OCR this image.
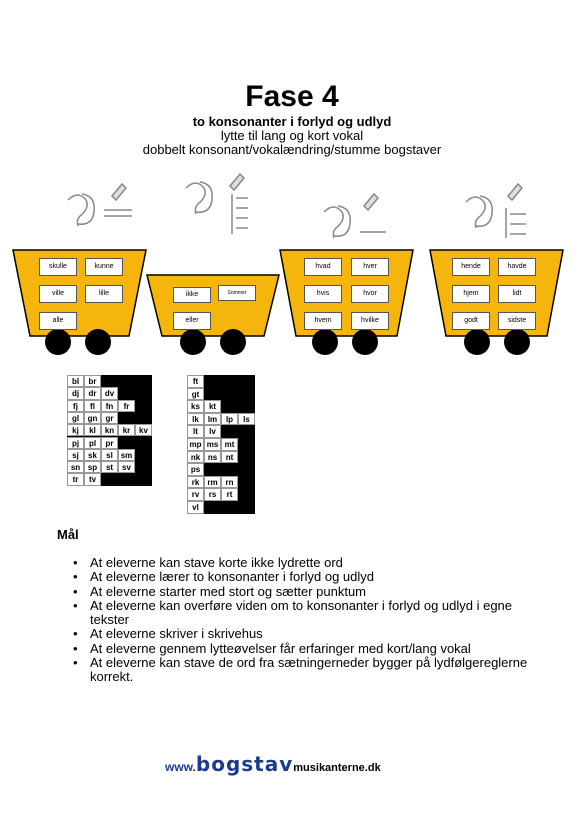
Fase 4
to konsonanter i forlyd og udlyd
lytte til lang og kort vokal
dobbelt konsonant/vokalændring/stumme bogstaver
skulle	kunne
ville	lille
alle
ikke	Sommer
eller
hvad	hver
hvis	hvor
hvem	hvilke
hende	havde
hjem	lidt
godt	sidste
bl	br
dj	dr	dv
fj	fl	fn	fr
gl	gn	gr
kj	kl	kn	kr	kv
pj	pl	pr
sj	sk	sl sm
sn sp	st	sv
tr	tv
ft
gt
ks	kt
lk	lm	lp	ls
lt	lv
mp ms mt
nk ns	nt
ps
rk	rm rn
rv	rs	rt
vl
Mål
• At eleverne kan stave korte ikke lydrette ord
• At eleverne lærer to konsonanter i forlyd og udlyd
• At eleverne starter med stort og sætter punktum
• At eleverne kan overføre viden om to konsonanter i forlyd og udlyd i egne tekster
• At eleverne skriver i skrivehus
• At eleverne gennem lytteøvelser får erfaringer med kort/lang vokal
• At eleverne kan stave de ord fra sætningerneder bygger på lydfølgereglerne korrekt.
www.bogstavmusikanterne.dk
